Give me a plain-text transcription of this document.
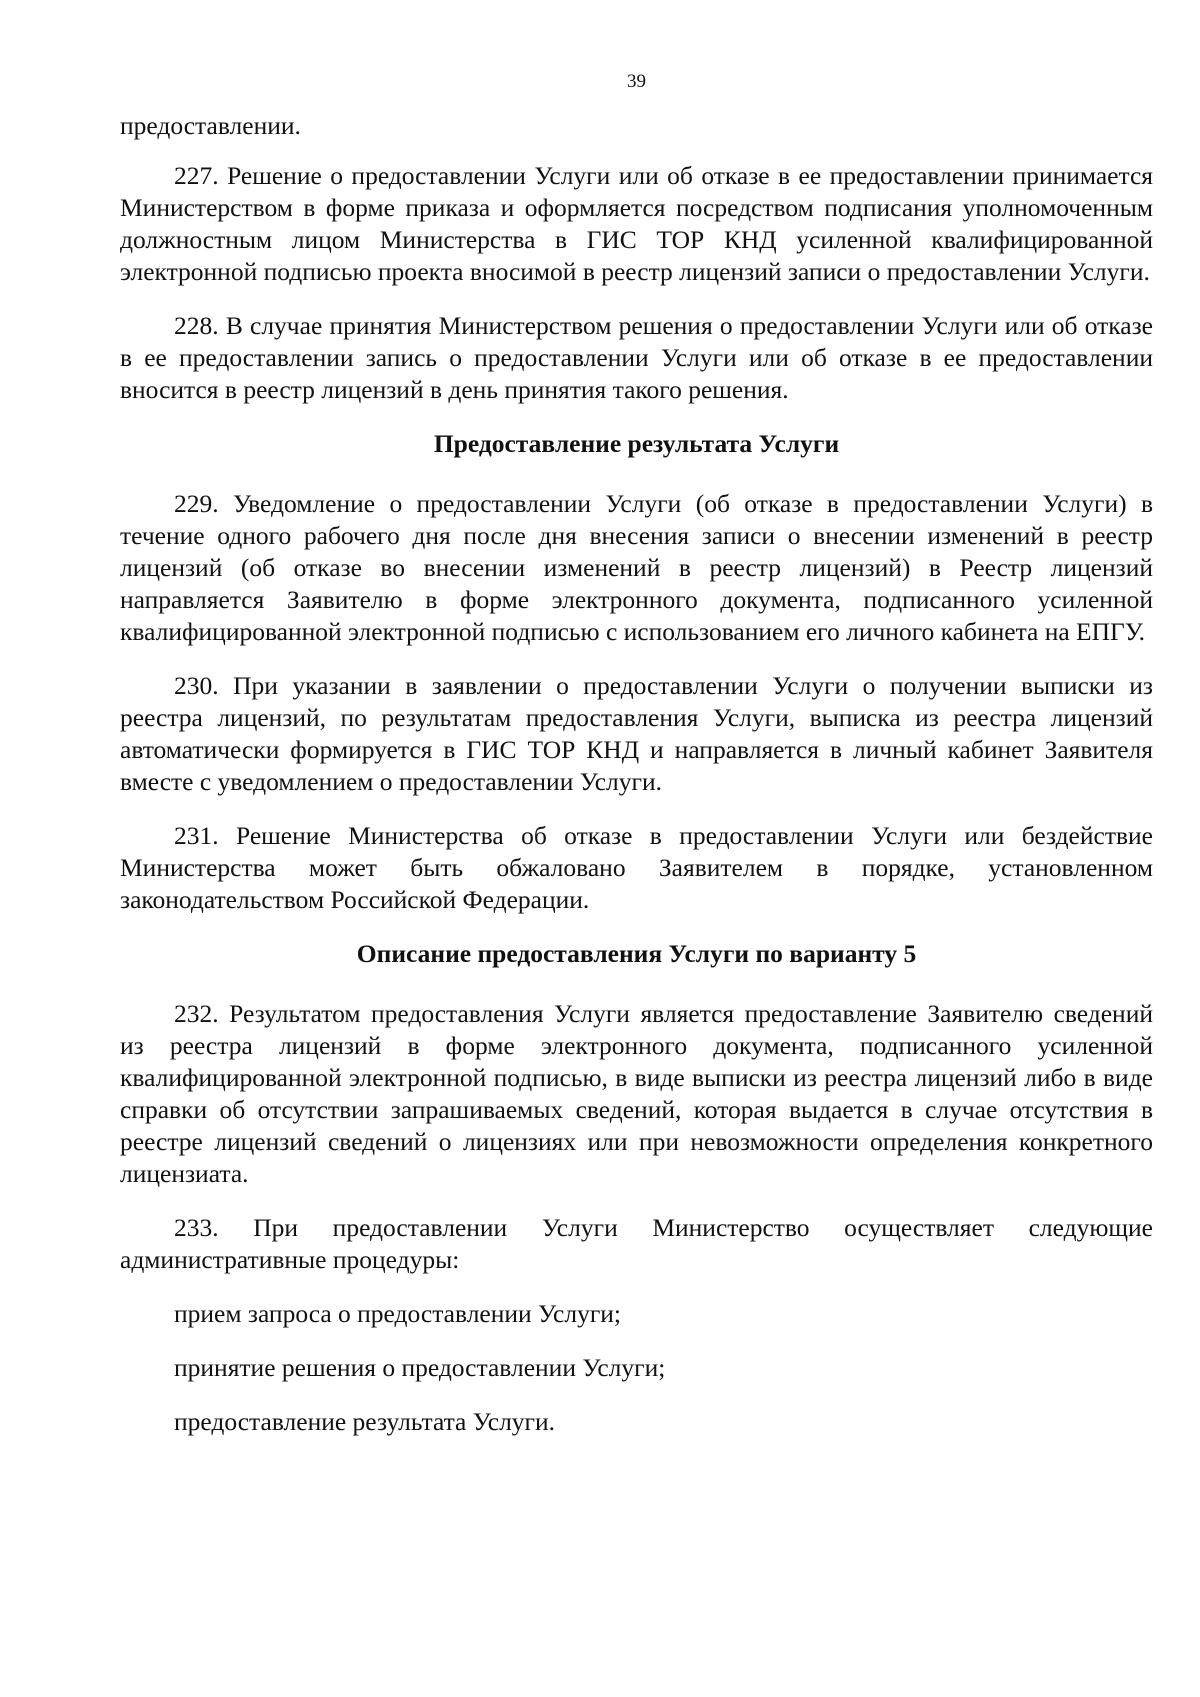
39

предоставлении.

227. Решение о предоставлении Услуги или об отказе в ее предоставлении принимается Министерством в форме приказа и оформляется посредством подписания уполномоченным должностным лицом Министерства в ГИС ТОР КНД усиленной квалифицированной электронной подписью проекта вносимой в реестр лицензий записи о предоставлении Услуги.

228. В случае принятия Министерством решения о предоставлении Услуги или об отказе в ее предоставлении запись о предоставлении Услуги или об отказе в ее предоставлении вносится в реестр лицензий в день принятия такого решения.

Предоставление результата Услуги

229. Уведомление о предоставлении Услуги (об отказе в предоставлении Услуги) в течение одного рабочего дня после дня внесения записи о внесении изменений в реестр лицензий (об отказе во внесении изменений в реестр лицензий) в Реестр лицензий направляется Заявителю в форме электронного документа, подписанного усиленной квалифицированной электронной подписью с использованием его личного кабинета на ЕПГУ.

230. При указании в заявлении о предоставлении Услуги о получении выписки из реестра лицензий, по результатам предоставления Услуги, выписка из реестра лицензий автоматически формируется в ГИС ТОР КНД и направляется в личный кабинет Заявителя вместе с уведомлением о предоставлении Услуги.

231. Решение Министерства об отказе в предоставлении Услуги или бездействие Министерства может быть обжаловано Заявителем в порядке, установленном законодательством Российской Федерации.

Описание предоставления Услуги по варианту 5

232. Результатом предоставления Услуги является предоставление Заявителю сведений из реестра лицензий в форме электронного документа, подписанного усиленной квалифицированной электронной подписью, в виде выписки из реестра лицензий либо в виде справки об отсутствии запрашиваемых сведений, которая выдается в случае отсутствия в реестре лицензий сведений о лицензиях или при невозможности определения конкретного лицензиата.

233. При предоставлении Услуги Министерство осуществляет следующие административные процедуры:

прием запроса о предоставлении Услуги;

принятие решения о предоставлении Услуги;

предоставление результата Услуги.
